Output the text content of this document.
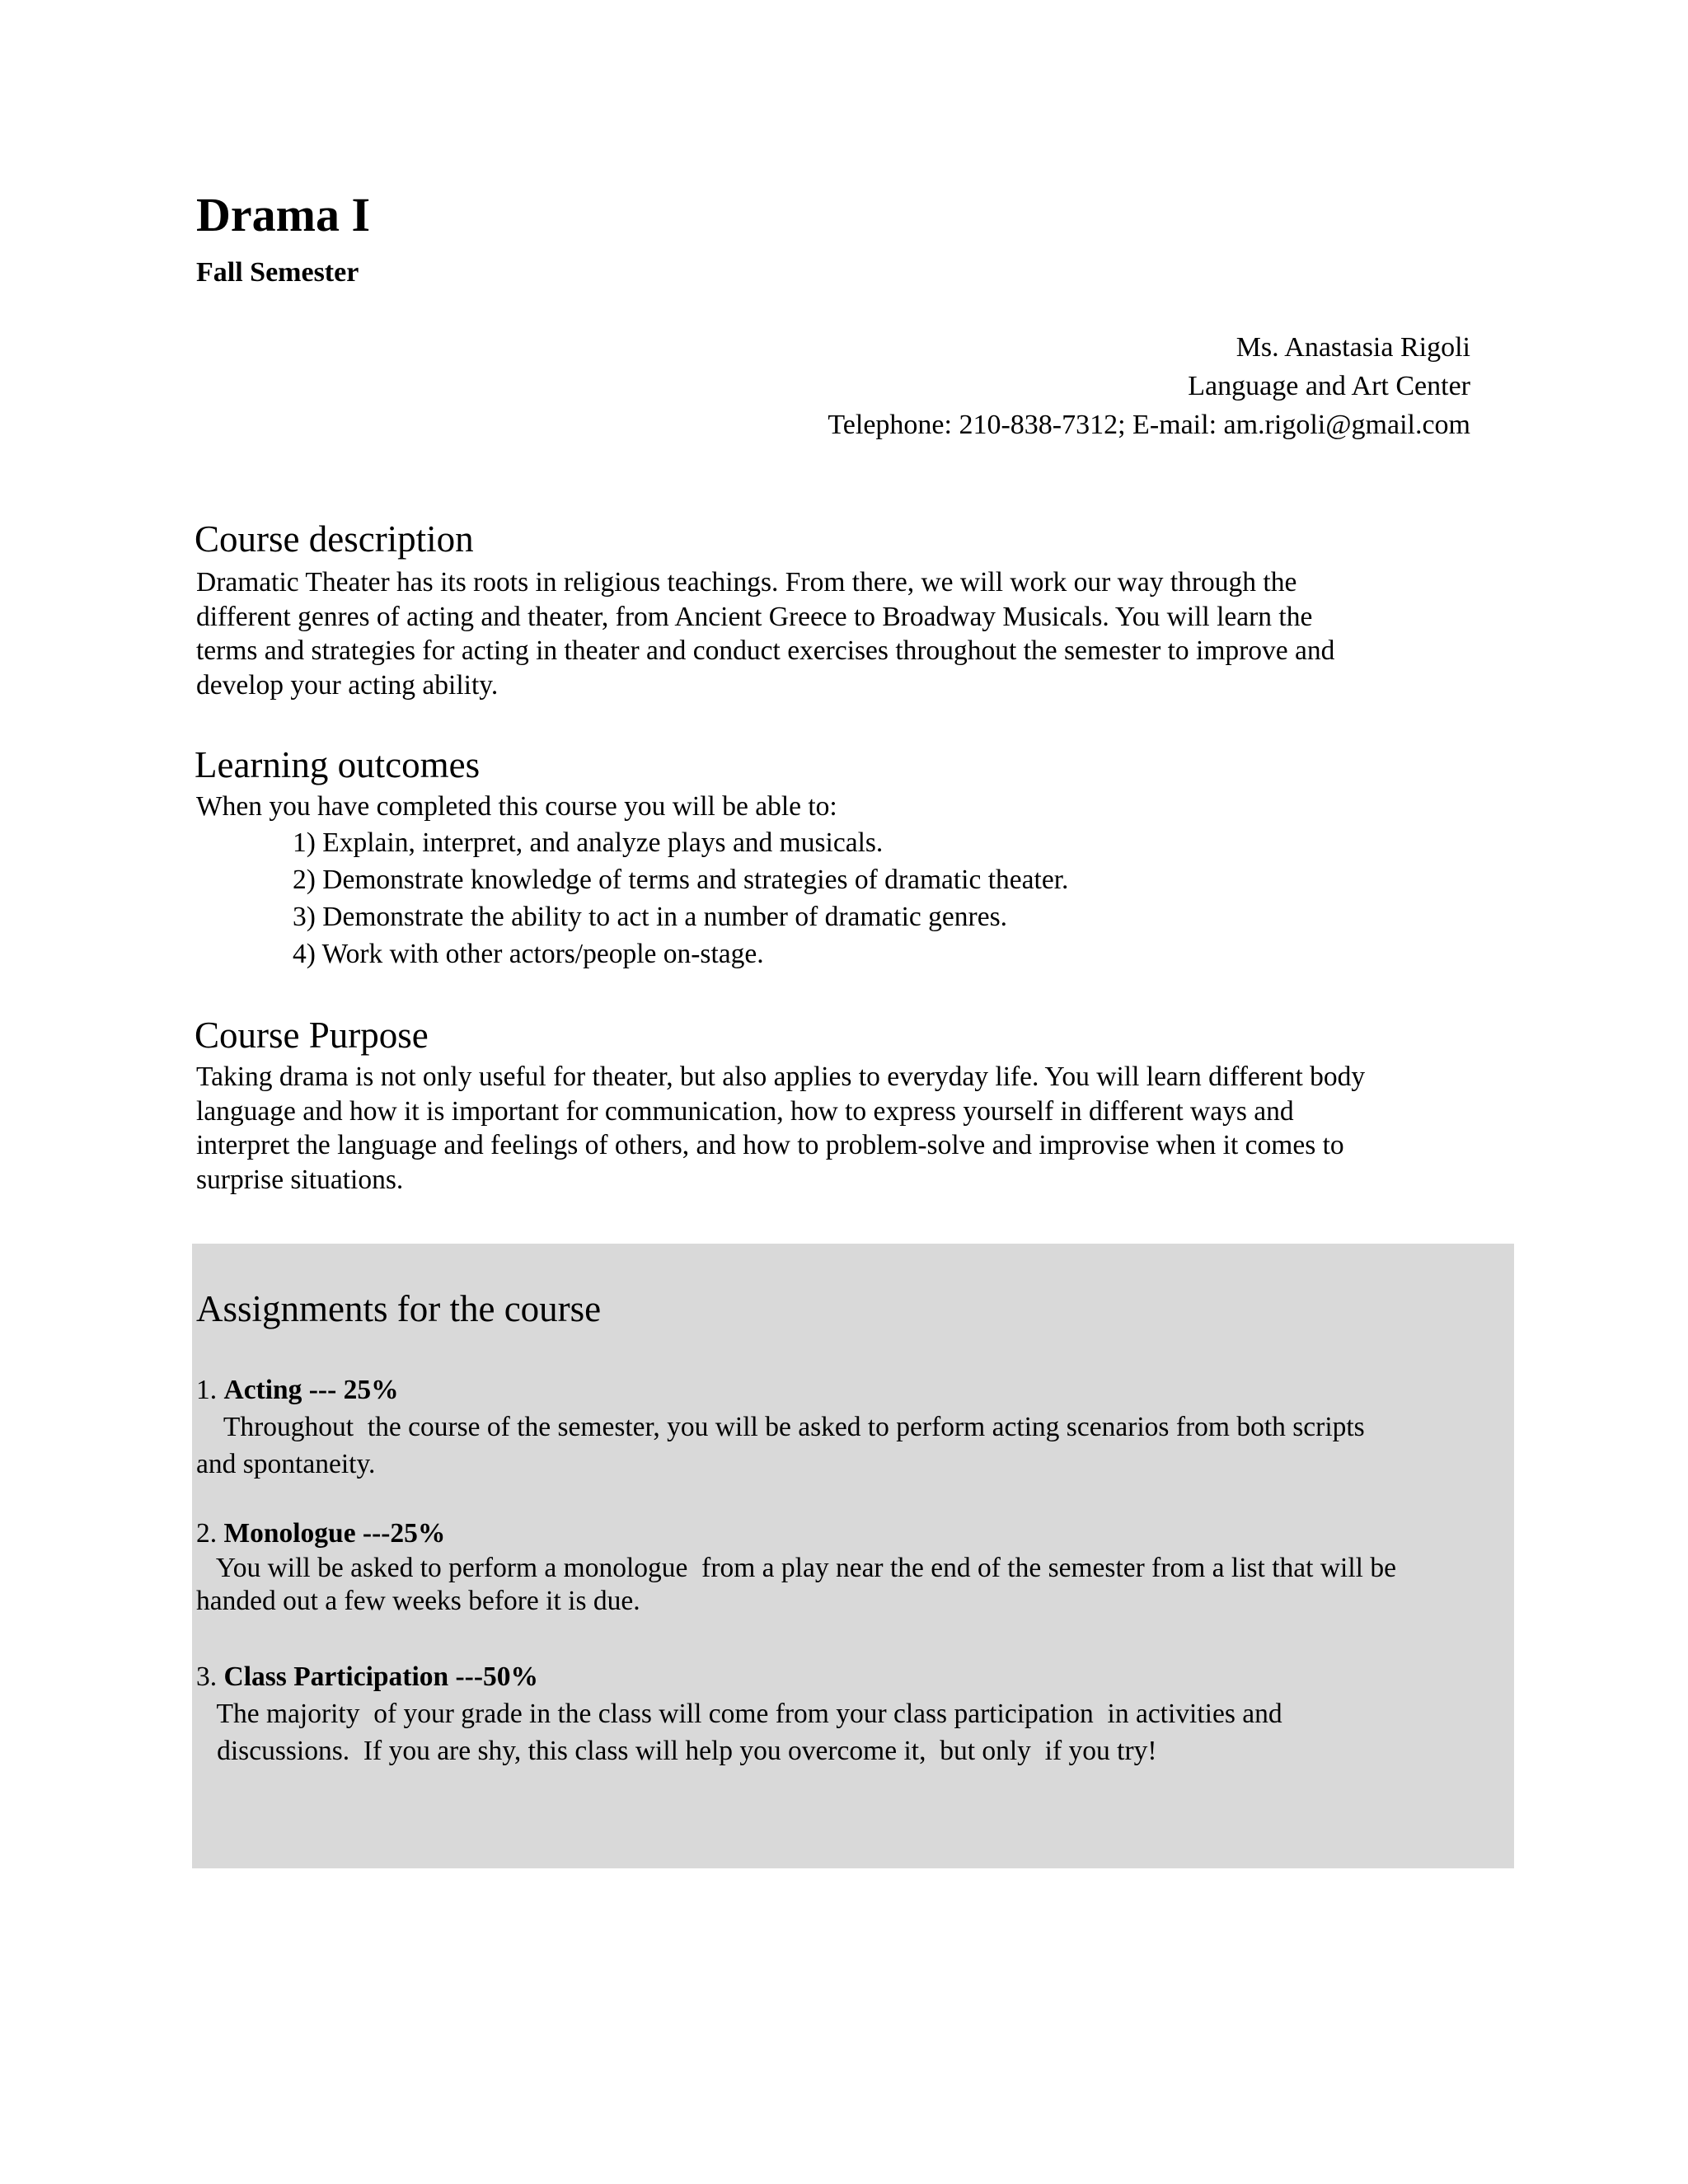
Drama I
Fall Semester
Ms. Anastasia Rigoli
Language and Art Center
Telephone: 210-838-7312; E-mail: am.rigoli@gmail.com
Course description
Dramatic Theater has its roots in religious teachings. From there, we will work our way through the
different genres of acting and theater, from Ancient Greece to Broadway Musicals. You will learn the
terms and strategies for acting in theater and conduct exercises throughout the semester to improve and
develop your acting ability.
Learning outcomes
When you have completed this course you will be able to:
1) Explain, interpret, and analyze plays and musicals.
2) Demonstrate knowledge of terms and strategies of dramatic theater.
3) Demonstrate the ability to act in a number of dramatic genres.
4) Work with other actors/people on-stage.
Course Purpose
Taking drama is not only useful for theater, but also applies to everyday life. You will learn different body
language and how it is important for communication, how to express yourself in different ways and
interpret the language and feelings of others, and how to problem-solve and improvise when it comes to
surprise situations.
Assignments for the course
1. Acting --- 25%
Throughout  the course of the semester, you will be asked to perform acting scenarios from both scripts
and spontaneity.
2. Monologue ---25%
You will be asked to perform a monologue  from a play near the end of the semester from a list that will be
handed out a few weeks before it is due.
3. Class Participation ---50%
The majority  of your grade in the class will come from your class participation  in activities and
discussions.  If you are shy, this class will help you overcome it,  but only  if you try!
